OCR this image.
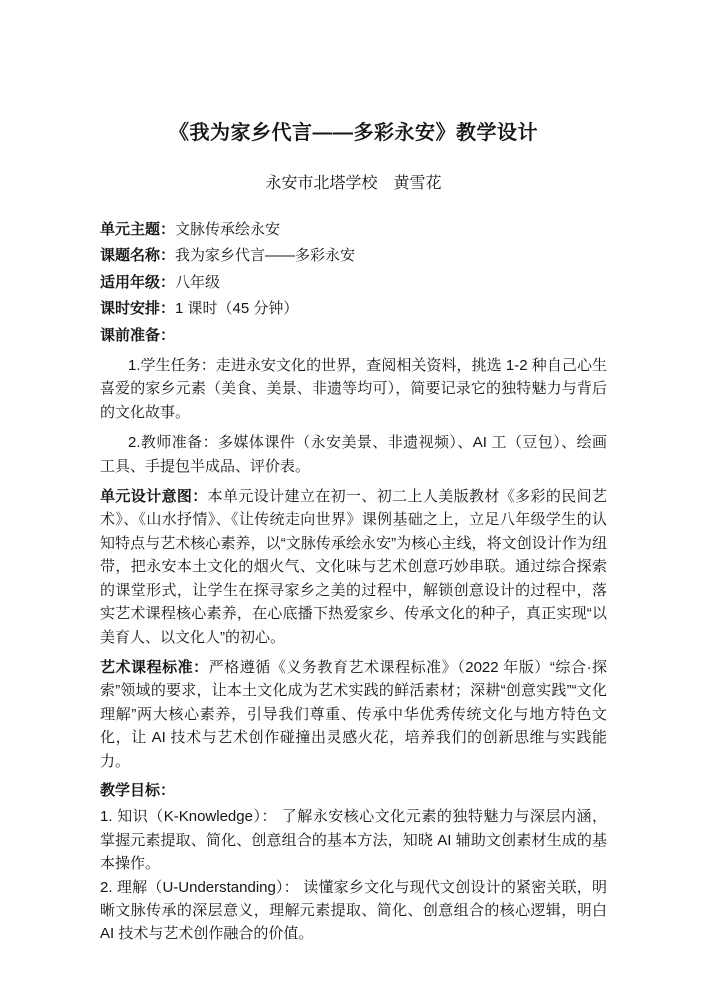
《我为家乡代言——多彩永安》教学设计
永安市北塔学校　黄雪花

单元主题：文脉传承绘永安

课题名称：我为家乡代言——多彩永安

适用年级：八年级

课时安排：1 课时（45 分钟）

课前准备：

1.学生任务：走进永安文化的世界，查阅相关资料，挑选 1-2 种自己心生喜爱的家乡元素（美食、美景、非遗等均可），简要记录它的独特魅力与背后的文化故事。

2.教师准备：多媒体课件（永安美景、非遗视频）、AI 工（豆包）、绘画工具、手提包半成品、评价表。

单元设计意图：本单元设计建立在初一、初二上人美版教材《多彩的民间艺术》、《山水抒情》、《让传统走向世界》课例基础之上，立足八年级学生的认知特点与艺术核心素养，以“文脉传承绘永安”为核心主线，将文创设计作为纽带，把永安本土文化的烟火气、文化味与艺术创意巧妙串联。通过综合探索的课堂形式，让学生在探寻家乡之美的过程中，解锁创意设计的过程中，落实艺术课程核心素养，在心底播下热爱家乡、传承文化的种子，真正实现“以美育人、以文化人”的初心。

艺术课程标准：严格遵循《义务教育艺术课程标准》（2022 年版）“综合·探索”领域的要求，让本土文化成为艺术实践的鲜活素材；深耕“创意实践”“文化理解”两大核心素养，引导我们尊重、传承中华优秀传统文化与地方特色文化，让 AI 技术与艺术创作碰撞出灵感火花，培养我们的创新思维与实践能力。

教学目标：

1. 知识（K-Knowledge）： 了解永安核心文化元素的独特魅力与深层内涵，掌握元素提取、简化、创意组合的基本方法，知晓 AI 辅助文创素材生成的基本操作。

2. 理解（U-Understanding）： 读懂家乡文化与现代文创设计的紧密关联，明晰文脉传承的深层意义，理解元素提取、简化、创意组合的核心逻辑，明白 AI 技术与艺术创作融合的价值。
